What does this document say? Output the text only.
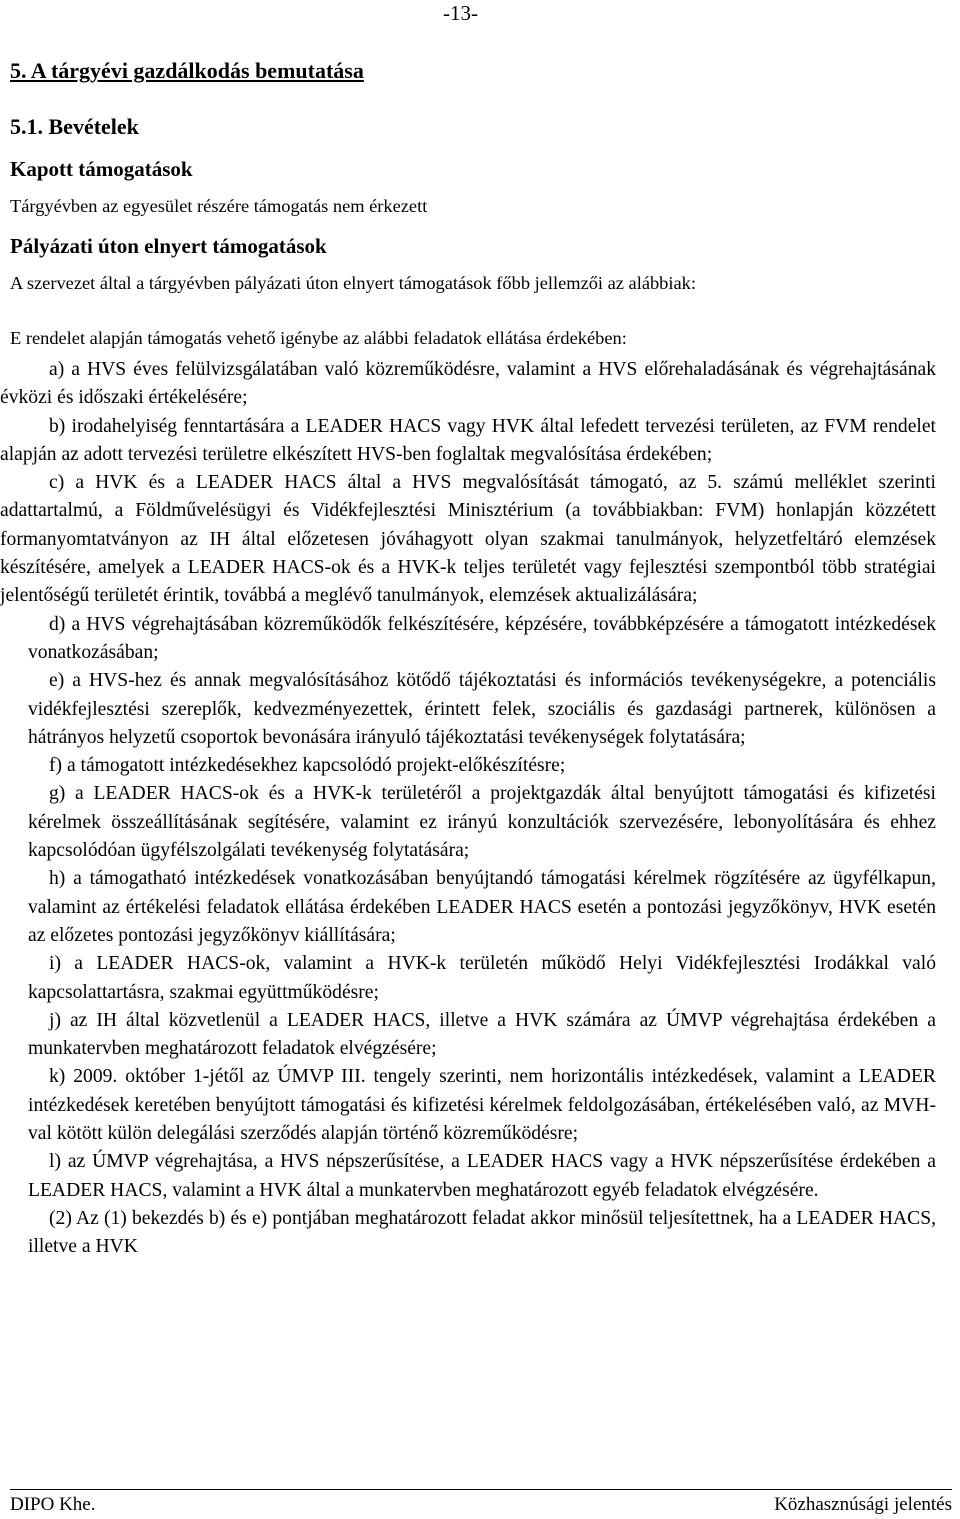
-13-
5. A tárgyévi gazdálkodás bemutatása
5.1. Bevételek
Kapott támogatások
Tárgyévben az egyesület részére támogatás nem érkezett
Pályázati úton elnyert támogatások
A szervezet által a tárgyévben pályázati úton elnyert támogatások főbb jellemzői az alábbiak:
E rendelet alapján támogatás vehető igénybe az alábbi feladatok ellátása érdekében:

a) a HVS éves felülvizsgálatában való közreműködésre, valamint a HVS előrehaladásának és végrehajtásának évközi és időszaki értékelésére;

b) irodahelyiség fenntartására a LEADER HACS vagy HVK által lefedett tervezési területen, az FVM rendelet alapján az adott tervezési területre elkészített HVS-ben foglaltak megvalósítása érdekében;

c) a HVK és a LEADER HACS által a HVS megvalósítását támogató, az 5. számú melléklet szerinti adattartalmú, a Földművelésügyi és Vidékfejlesztési Minisztérium (a továbbiakban: FVM) honlapján közzétett formanyomtatványon az IH által előzetesen jóváhagyott olyan szakmai tanulmányok, helyzetfeltáró elemzések készítésére, amelyek a LEADER HACS-ok és a HVK-k teljes területét vagy fejlesztési szempontból több stratégiai jelentőségű területét érintik, továbbá a meglévő tanulmányok, elemzések aktualizálására;

d) a HVS végrehajtásában közreműködők felkészítésére, képzésére, továbbképzésére a támogatott intézkedések vonatkozásában;

e) a HVS-hez és annak megvalósításához kötődő tájékoztatási és információs tevékenységekre, a potenciális vidékfejlesztési szereplők, kedvezményezettek, érintett felek, szociális és gazdasági partnerek, különösen a hátrányos helyzetű csoportok bevonására irányuló tájékoztatási tevékenységek folytatására;

f) a támogatott intézkedésekhez kapcsolódó projekt-előkészítésre;

g) a LEADER HACS-ok és a HVK-k területéről a projektgazdák által benyújtott támogatási és kifizetési kérelmek összeállításának segítésére, valamint ez irányú konzultációk szervezésére, lebonyolítására és ehhez kapcsolódóan ügyfélszolgálati tevékenység folytatására;

h) a támogatható intézkedések vonatkozásában benyújtandó támogatási kérelmek rögzítésére az ügyfélkapun, valamint az értékelési feladatok ellátása érdekében LEADER HACS esetén a pontozási jegyzőkönyv, HVK esetén az előzetes pontozási jegyzőkönyv kiállítására;

i) a LEADER HACS-ok, valamint a HVK-k területén működő Helyi Vidékfejlesztési Irodákkal való kapcsolattartásra, szakmai együttműködésre;

j) az IH által közvetlenül a LEADER HACS, illetve a HVK számára az ÚMVP végrehajtása érdekében a munkatervben meghatározott feladatok elvégzésére;

k) 2009. október 1-jétől az ÚMVP III. tengely szerinti, nem horizontális intézkedések, valamint a LEADER intézkedések keretében benyújtott támogatási és kifizetési kérelmek feldolgozásában, értékelésében való, az MVH-val kötött külön delegálási szerződés alapján történő közreműködésre;

l) az ÚMVP végrehajtása, a HVS népszerűsítése, a LEADER HACS vagy a HVK népszerűsítése érdekében a LEADER HACS, valamint a HVK által a munkatervben meghatározott egyéb feladatok elvégzésére.

(2) Az (1) bekezdés b) és e) pontjában meghatározott feladat akkor minősül teljesítettnek, ha a LEADER HACS, illetve a HVK

DIPO Khe.	Közhasznúsági jelentés
